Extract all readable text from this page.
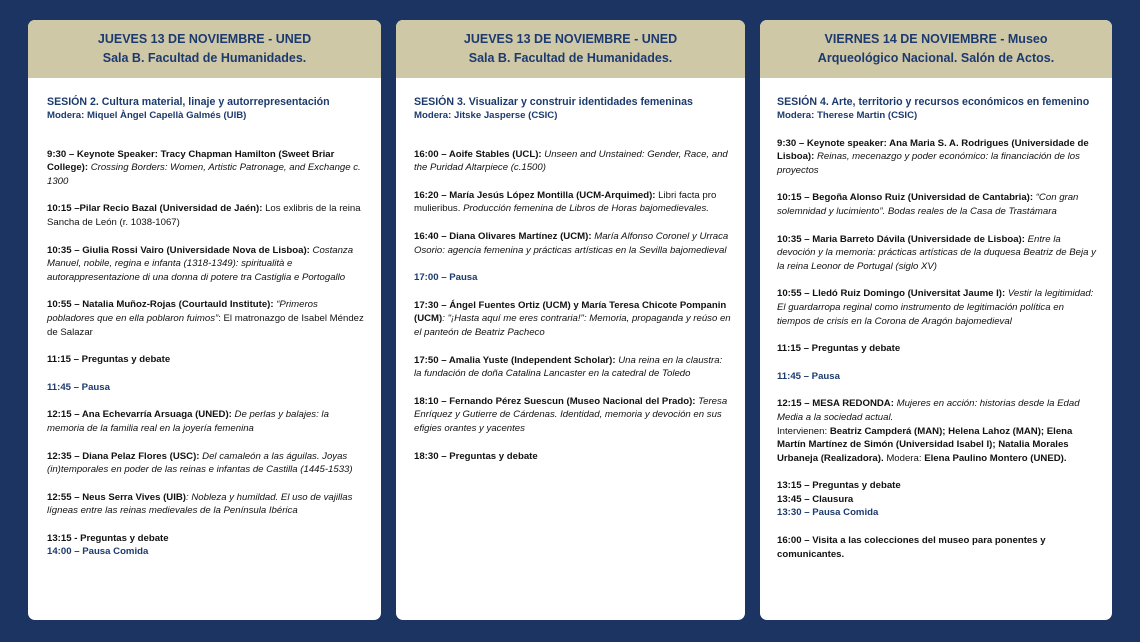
JUEVES 13 DE NOVIEMBRE - UNED
Sala B. Facultad de Humanidades.
SESIÓN 2. Cultura material, linaje y autorrepresentación
Modera: Miquel Àngel Capellà Galmés (UIB)
9:30 – Keynote Speaker: Tracy Chapman Hamilton (Sweet Briar College): Crossing Borders: Women, Artistic Patronage, and Exchange c. 1300
10:15 –Pilar Recio Bazal (Universidad de Jaén): Los exlibris de la reina Sancha de León (r. 1038-1067)
10:35 – Giulia Rossi Vairo (Universidade Nova de Lisboa): Costanza Manuel, nobile, regina e infanta (1318-1349): spiritualità e autorappresentazione di una donna di potere tra Castiglia e Portogallo
10:55 – Natalia Muñoz-Rojas (Courtauld Institute): “Primeros pobladores que en ella poblaron fuimos”: El matronazgo de Isabel Méndez de Salazar
11:15 – Preguntas y debate
11:45 – Pausa
12:15 – Ana Echevarría Arsuaga (UNED): De perlas y balajes: la memoria de la familia real en la joyería femenina
12:35 – Diana Pelaz Flores (USC): Del camaleón a las águilas. Joyas (in)temporales en poder de las reinas e infantas de Castilla (1445-1533)
12:55 – Neus Serra Vives (UIB): Nobleza y humildad. El uso de vajillas lígneas entre las reinas medievales de la Península Ibérica
13:15 - Preguntas y debate
14:00 – Pausa Comida
JUEVES 13 DE NOVIEMBRE - UNED
Sala B. Facultad de Humanidades.
SESIÓN 3. Visualizar y construir identidades femeninas
Modera: Jitske Jasperse (CSIC)
16:00 – Aoife Stables (UCL): Unseen and Unstained: Gender, Race, and the Puridad Altarpiece (c.1500)
16:20 – María Jesús López Montilla (UCM-Arquimed): Libri facta pro mulieribus. Producción femenina de Libros de Horas bajomedievales.
16:40 – Diana Olivares Martínez (UCM): María Alfonso Coronel y Urraca Osorio: agencia femenina y prácticas artísticas en la Sevilla bajomedieval
17:00 – Pausa
17:30 – Ángel Fuentes Ortiz (UCM) y María Teresa Chicote Pompanin (UCM): "¡Hasta aquí me eres contraria!": Memoria, propaganda y reúso en el panteón de Beatriz Pacheco
17:50 – Amalia Yuste (Independent Scholar): Una reina en la claustra: la fundación de doña Catalina Lancaster en la catedral de Toledo
18:10 – Fernando Pérez Suescun (Museo Nacional del Prado): Teresa Enríquez y Gutierre de Cárdenas. Identidad, memoria y devoción en sus efigies orantes y yacentes
18:30 – Preguntas y debate
VIERNES 14 DE NOVIEMBRE - Museo
Arqueológico Nacional. Salón de Actos.
SESIÓN 4. Arte, territorio y recursos económicos en femenino
Modera: Therese Martin (CSIC)
9:30 – Keynote speaker: Ana Maria S. A. Rodrigues (Universidade de Lisboa): Reinas, mecenazgo y poder económico: la financiación de los proyectos
10:15 – Begoña Alonso Ruiz (Universidad de Cantabria): “Con gran solemnidad y lucimiento”. Bodas reales de la Casa de Trastámara
10:35 – Maria Barreto Dávila (Universidade de Lisboa): Entre la devoción y la memoria: prácticas artísticas de la duquesa Beatriz de Beja y la reina Leonor de Portugal (siglo XV)
10:55 – Lledó Ruiz Domingo (Universitat Jaume I): Vestir la legitimidad: El guardarropa reginal como instrumento de legitimación política en tiempos de crisis en la Corona de Aragón bajomedieval
11:15 – Preguntas y debate
11:45 – Pausa
12:15 – MESA REDONDA: Mujeres en acción: historias desde la Edad Media a la sociedad actual.
Intervienen: Beatriz Campderá (MAN); Helena Lahoz (MAN); Elena Martín Martínez de Simón (Universidad Isabel I); Natalia Morales Urbaneja (Realizadora). Modera: Elena Paulino Montero (UNED).
13:15 – Preguntas y debate
13:45 – Clausura
13:30 – Pausa Comida
16:00 – Visita a las colecciones del museo para ponentes y comunicantes.
